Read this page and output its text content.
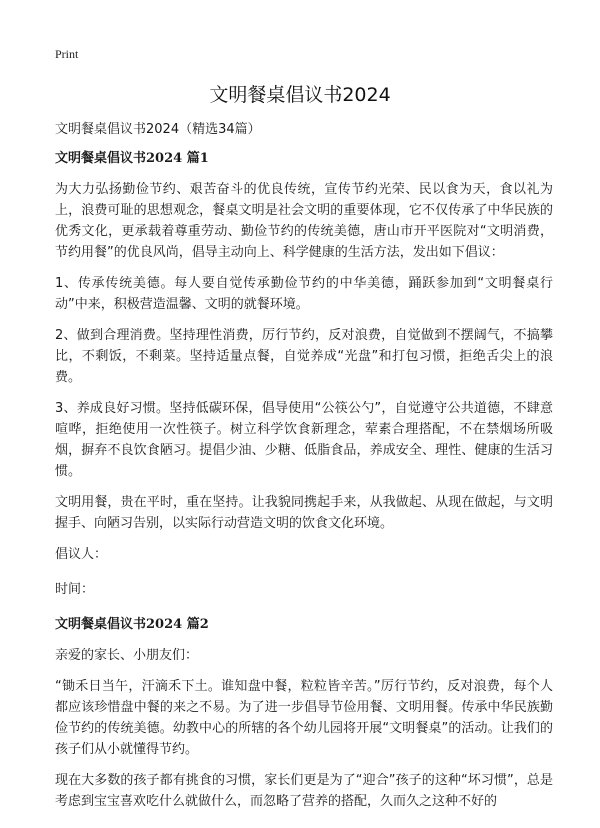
Print
文明餐桌倡议书2024

文明餐桌倡议书2024（精选34篇）

文明餐桌倡议书2024 篇1

为大力弘扬勤俭节约、艰苦奋斗的优良传统，宣传节约光荣、民以食为天，食以礼为上，浪费可耻的思想观念，餐桌文明是社会文明的重要体现，它不仅传承了中华民族的优秀文化，更承载着尊重劳动、勤俭节约的传统美德，唐山市开平医院对“文明消费，节约用餐”的优良风尚，倡导主动向上、科学健康的生活方法，发出如下倡议：

1、传承传统美德。每人要自觉传承勤俭节约的中华美德，踊跃参加到“文明餐桌行动”中来，积极营造温馨、文明的就餐环境。

2、做到合理消费。坚持理性消费，厉行节约，反对浪费，自觉做到不摆阔气，不搞攀比，不剩饭，不剩菜。坚持适量点餐，自觉养成“光盘”和打包习惯，拒绝舌尖上的浪费。

3、养成良好习惯。坚持低碳环保，倡导使用“公筷公勺”，自觉遵守公共道德，不肆意喧哗，拒绝使用一次性筷子。树立科学饮食新理念，荤素合理搭配，不在禁烟场所吸烟，摒弃不良饮食陋习。提倡少油、少糖、低脂食品，养成安全、理性、健康的生活习惯。

文明用餐，贵在平时，重在坚持。让我貌同携起手来，从我做起、从现在做起，与文明握手、向陋习告别，以实际行动营造文明的饮食文化环境。

倡议人：

时间：

文明餐桌倡议书2024 篇2

亲爱的家长、小朋友们：

“锄禾日当午，汗滴禾下土。谁知盘中餐，粒粒皆辛苦。”厉行节约，反对浪费，每个人都应该珍惜盘中餐的来之不易。为了进一步倡导节俭用餐、文明用餐。传承中华民族勤俭节约的传统美德。幼教中心的所辖的各个幼儿园将开展“文明餐桌”的活动。让我们的孩子们从小就懂得节约。

现在大多数的孩子都有挑食的习惯，家长们更是为了“迎合”孩子的这种“坏习惯”，总是考虑到宝宝喜欢吃什么就做什么，而忽略了营养的搭配，久而久之这种不好的
